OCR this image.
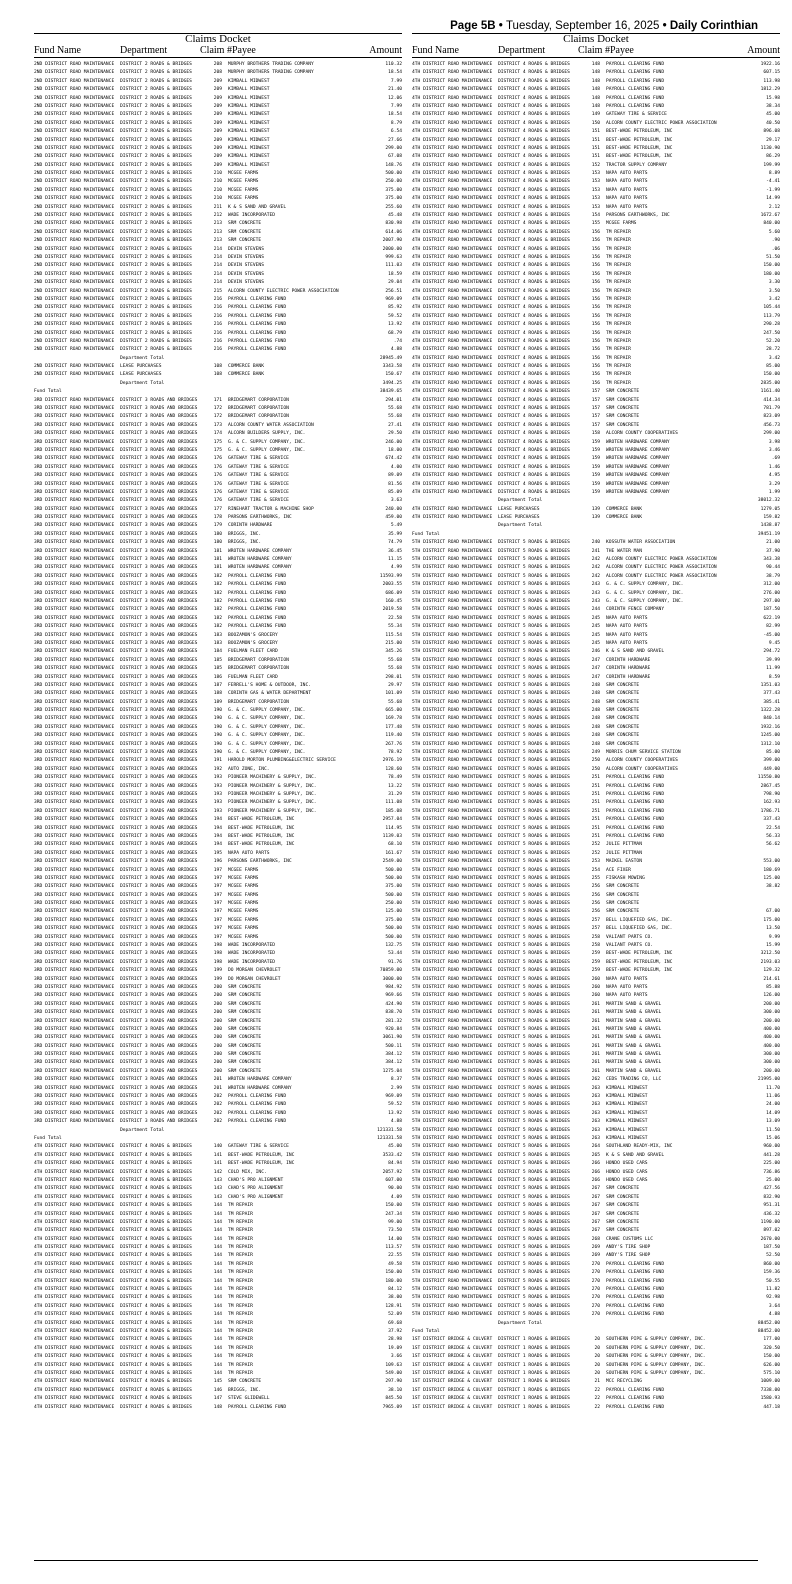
Page 5B • Tuesday, September 16, 2025 • Daily Corinthian
Claims Docket
Fund Name	Department	Claim #Payee	Amount
2ND DISTRICT ROAD MAINTENANCE	DISTRICT 2 ROADS & BRIDGES	208 MURPHY BROTHERS TRADING COMPANY	110.32
2ND DISTRICT ROAD MAINTENANCE	DISTRICT 2 ROADS & BRIDGES	208 MURPHY BROTHERS TRADING COMPANY	18.54
2ND DISTRICT ROAD MAINTENANCE	DISTRICT 2 ROADS & BRIDGES	209 KIMBALL MIDWEST	7.99
2ND DISTRICT ROAD MAINTENANCE	DISTRICT 2 ROADS & BRIDGES	209 KIMBALL MIDWEST	21.40
2ND DISTRICT ROAD MAINTENANCE	DISTRICT 2 ROADS & BRIDGES	209 KIMBALL MIDWEST	12.06
2ND DISTRICT ROAD MAINTENANCE	DISTRICT 2 ROADS & BRIDGES	209 KIMBALL MIDWEST	7.99
2ND DISTRICT ROAD MAINTENANCE	DISTRICT 2 ROADS & BRIDGES	209 KIMBALL MIDWEST	18.54
2ND DISTRICT ROAD MAINTENANCE	DISTRICT 2 ROADS & BRIDGES	209 KIMBALL MIDWEST	8.79
2ND DISTRICT ROAD MAINTENANCE	DISTRICT 2 ROADS & BRIDGES	209 KIMBALL MIDWEST	6.54
2ND DISTRICT ROAD MAINTENANCE	DISTRICT 2 ROADS & BRIDGES	209 KIMBALL MIDWEST	27.66
2ND DISTRICT ROAD MAINTENANCE	DISTRICT 2 ROADS & BRIDGES	209 KIMBALL MIDWEST	299.00
2ND DISTRICT ROAD MAINTENANCE	DISTRICT 2 ROADS & BRIDGES	209 KIMBALL MIDWEST	67.08
2ND DISTRICT ROAD MAINTENANCE	DISTRICT 2 ROADS & BRIDGES	209 KIMBALL MIDWEST	148.76
2ND DISTRICT ROAD MAINTENANCE	DISTRICT 2 ROADS & BRIDGES	210 MCGEE FARMS	500.00
2ND DISTRICT ROAD MAINTENANCE	DISTRICT 2 ROADS & BRIDGES	210 MCGEE FARMS	250.00
2ND DISTRICT ROAD MAINTENANCE	DISTRICT 2 ROADS & BRIDGES	210 MCGEE FARMS	375.00
2ND DISTRICT ROAD MAINTENANCE	DISTRICT 2 ROADS & BRIDGES	210 MCGEE FARMS	375.00
2ND DISTRICT ROAD MAINTENANCE	DISTRICT 2 ROADS & BRIDGES	211 K & S SAND AND GRAVEL	255.60
2ND DISTRICT ROAD MAINTENANCE	DISTRICT 2 ROADS & BRIDGES	212 WADE INCORPORATED	45.48
2ND DISTRICT ROAD MAINTENANCE	DISTRICT 2 ROADS & BRIDGES	213 SRM CONCRETE	830.98
2ND DISTRICT ROAD MAINTENANCE	DISTRICT 2 ROADS & BRIDGES	213 SRM CONCRETE	614.06
2ND DISTRICT ROAD MAINTENANCE	DISTRICT 2 ROADS & BRIDGES	213 SRM CONCRETE	2007.90
2ND DISTRICT ROAD MAINTENANCE	DISTRICT 2 ROADS & BRIDGES	214 DEVIN STEVENS	2000.00
2ND DISTRICT ROAD MAINTENANCE	DISTRICT 2 ROADS & BRIDGES	214 DEVIN STEVENS	999.63
2ND DISTRICT ROAD MAINTENANCE	DISTRICT 2 ROADS & BRIDGES	214 DEVIN STEVENS	111.03
2ND DISTRICT ROAD MAINTENANCE	DISTRICT 2 ROADS & BRIDGES	214 DEVIN STEVENS	18.59
2ND DISTRICT ROAD MAINTENANCE	DISTRICT 2 ROADS & BRIDGES	214 DEVIN STEVENS	29.04
2ND DISTRICT ROAD MAINTENANCE	DISTRICT 2 ROADS & BRIDGES	215 ALCORN COUNTY ELECTRIC POWER ASSOCIATION	256.51
2ND DISTRICT ROAD MAINTENANCE	DISTRICT 2 ROADS & BRIDGES	216 PAYROLL CLEARING FUND	969.09
2ND DISTRICT ROAD MAINTENANCE	DISTRICT 2 ROADS & BRIDGES	216 PAYROLL CLEARING FUND	85.92
2ND DISTRICT ROAD MAINTENANCE	DISTRICT 2 ROADS & BRIDGES	216 PAYROLL CLEARING FUND	59.52
2ND DISTRICT ROAD MAINTENANCE	DISTRICT 2 ROADS & BRIDGES	216 PAYROLL CLEARING FUND	13.92
2ND DISTRICT ROAD MAINTENANCE	DISTRICT 2 ROADS & BRIDGES	216 PAYROLL CLEARING FUND	68.79
2ND DISTRICT ROAD MAINTENANCE	DISTRICT 2 ROADS & BRIDGES	216 PAYROLL CLEARING FUND	.74
2ND DISTRICT ROAD MAINTENANCE	DISTRICT 2 ROADS & BRIDGES	216 PAYROLL CLEARING FUND	4.88
Department Total	28945.49
2ND DISTRICT ROAD MAINTENANCE	LEASE PURCHASES	108 COMMERCE BANK	3343.58
2ND DISTRICT ROAD MAINTENANCE	LEASE PURCHASES	108 COMMERCE BANK	150.67
Department Total	3494.25
Fund Total	38439.65
3RD DISTRICT ROAD MAINTENANCE	DISTRICT 3 ROADS AND BRIDGES	171 BRIDGEMART CORPORATION	294.01
3RD DISTRICT ROAD MAINTENANCE	DISTRICT 3 ROADS AND BRIDGES	172 BRIDGEMART CORPORATION	55.68
3RD DISTRICT ROAD MAINTENANCE	DISTRICT 3 ROADS AND BRIDGES	172 BRIDGEMART CORPORATION	55.68
3RD DISTRICT ROAD MAINTENANCE	DISTRICT 3 ROADS AND BRIDGES	173 ALCORN COUNTY WATER ASSOCIATION	27.41
3RD DISTRICT ROAD MAINTENANCE	DISTRICT 3 ROADS AND BRIDGES	174 ALCORN BUILDERS SUPPLY, INC.	29.50
3RD DISTRICT ROAD MAINTENANCE	DISTRICT 3 ROADS AND BRIDGES	175 G. & C. SUPPLY COMPANY, INC.	246.00
3RD DISTRICT ROAD MAINTENANCE	DISTRICT 3 ROADS AND BRIDGES	175 G. & C. SUPPLY COMPANY, INC.	18.00
3RD DISTRICT ROAD MAINTENANCE	DISTRICT 3 ROADS AND BRIDGES	176 GATEWAY TIRE & SERVICE	674.42
3RD DISTRICT ROAD MAINTENANCE	DISTRICT 3 ROADS AND BRIDGES	176 GATEWAY TIRE & SERVICE	4.00
3RD DISTRICT ROAD MAINTENANCE	DISTRICT 3 ROADS AND BRIDGES	176 GATEWAY TIRE & SERVICE	89.09
3RD DISTRICT ROAD MAINTENANCE	DISTRICT 3 ROADS AND BRIDGES	176 GATEWAY TIRE & SERVICE	81.56
3RD DISTRICT ROAD MAINTENANCE	DISTRICT 3 ROADS AND BRIDGES	176 GATEWAY TIRE & SERVICE	85.09
3RD DISTRICT ROAD MAINTENANCE	DISTRICT 3 ROADS AND BRIDGES	176 GATEWAY TIRE & SERVICE	3.63
3RD DISTRICT ROAD MAINTENANCE	DISTRICT 3 ROADS AND BRIDGES	177 RINEHART TRACTOR & MACHINE SHOP	240.00
3RD DISTRICT ROAD MAINTENANCE	DISTRICT 3 ROADS AND BRIDGES	178 PARSONS EARTHWORKS, INC	459.00
3RD DISTRICT ROAD MAINTENANCE	DISTRICT 3 ROADS AND BRIDGES	179 CORINTH HARDWARE	5.49
3RD DISTRICT ROAD MAINTENANCE	DISTRICT 3 ROADS AND BRIDGES	180 BRIGGS, INC.	35.99
3RD DISTRICT ROAD MAINTENANCE	DISTRICT 3 ROADS AND BRIDGES	180 BRIGGS, INC.	74.79
3RD DISTRICT ROAD MAINTENANCE	DISTRICT 3 ROADS AND BRIDGES	181 WROTEN HARDWARE COMPANY	36.45
3RD DISTRICT ROAD MAINTENANCE	DISTRICT 3 ROADS AND BRIDGES	181 WROTEN HARDWARE COMPANY	11.15
3RD DISTRICT ROAD MAINTENANCE	DISTRICT 3 ROADS AND BRIDGES	181 WROTEN HARDWARE COMPANY	4.99
3RD DISTRICT ROAD MAINTENANCE	DISTRICT 3 ROADS AND BRIDGES	182 PAYROLL CLEARING FUND	11593.99
3RD DISTRICT ROAD MAINTENANCE	DISTRICT 3 ROADS AND BRIDGES	182 PAYROLL CLEARING FUND	2003.55
3RD DISTRICT ROAD MAINTENANCE	DISTRICT 3 ROADS AND BRIDGES	182 PAYROLL CLEARING FUND	686.09
3RD DISTRICT ROAD MAINTENANCE	DISTRICT 3 ROADS AND BRIDGES	182 PAYROLL CLEARING FUND	160.45
3RD DISTRICT ROAD MAINTENANCE	DISTRICT 3 ROADS AND BRIDGES	182 PAYROLL CLEARING FUND	2019.58
3RD DISTRICT ROAD MAINTENANCE	DISTRICT 3 ROADS AND BRIDGES	182 PAYROLL CLEARING FUND	22.58
3RD DISTRICT ROAD MAINTENANCE	DISTRICT 3 ROADS AND BRIDGES	182 PAYROLL CLEARING FUND	55.34
3RD DISTRICT ROAD MAINTENANCE	DISTRICT 3 ROADS AND BRIDGES	183 BOOZAMON'S GROCERY	115.54
3RD DISTRICT ROAD MAINTENANCE	DISTRICT 3 ROADS AND BRIDGES	183 BOOZAMON'S GROCERY	215.00
3RD DISTRICT ROAD MAINTENANCE	DISTRICT 3 ROADS AND BRIDGES	184 FUELMAN FLEET CARD	345.26
3RD DISTRICT ROAD MAINTENANCE	DISTRICT 3 ROADS AND BRIDGES	185 BRIDGEMART CORPORATION	55.68
3RD DISTRICT ROAD MAINTENANCE	DISTRICT 3 ROADS AND BRIDGES	185 BRIDGEMART CORPORATION	55.68
3RD DISTRICT ROAD MAINTENANCE	DISTRICT 3 ROADS AND BRIDGES	186 FUELMAN FLEET CARD	298.01
3RD DISTRICT ROAD MAINTENANCE	DISTRICT 3 ROADS AND BRIDGES	187 FERRELL'S HOME & OUTDOOR, INC.	29.97
3RD DISTRICT ROAD MAINTENANCE	DISTRICT 3 ROADS AND BRIDGES	188 CORINTH GAS & WATER DEPARTMENT	101.09
3RD DISTRICT ROAD MAINTENANCE	DISTRICT 3 ROADS AND BRIDGES	189 BRIDGEMART CORPORATION	55.68
3RD DISTRICT ROAD MAINTENANCE	DISTRICT 3 ROADS AND BRIDGES	190 G. & C. SUPPLY COMPANY, INC.	665.00
3RD DISTRICT ROAD MAINTENANCE	DISTRICT 3 ROADS AND BRIDGES	190 G. & C. SUPPLY COMPANY, INC.	169.78
3RD DISTRICT ROAD MAINTENANCE	DISTRICT 3 ROADS AND BRIDGES	190 G. & C. SUPPLY COMPANY, INC.	177.48
3RD DISTRICT ROAD MAINTENANCE	DISTRICT 3 ROADS AND BRIDGES	190 G. & C. SUPPLY COMPANY, INC.	119.40
3RD DISTRICT ROAD MAINTENANCE	DISTRICT 3 ROADS AND BRIDGES	190 G. & C. SUPPLY COMPANY, INC.	267.76
3RD DISTRICT ROAD MAINTENANCE	DISTRICT 3 ROADS AND BRIDGES	190 G. & C. SUPPLY COMPANY, INC.	78.92
3RD DISTRICT ROAD MAINTENANCE	DISTRICT 3 ROADS AND BRIDGES	191 HAROLD MORTON PLUMBING&ELECTRIC SERVICE	2976.19
3RD DISTRICT ROAD MAINTENANCE	DISTRICT 3 ROADS AND BRIDGES	192 AUTO ZONE, INC.	128.60
3RD DISTRICT ROAD MAINTENANCE	DISTRICT 3 ROADS AND BRIDGES	193 PIONEER MACHINERY & SUPPLY, INC.	78.49
3RD DISTRICT ROAD MAINTENANCE	DISTRICT 3 ROADS AND BRIDGES	193 PIONEER MACHINERY & SUPPLY, INC.	13.22
3RD DISTRICT ROAD MAINTENANCE	DISTRICT 3 ROADS AND BRIDGES	193 PIONEER MACHINERY & SUPPLY, INC.	31.29
3RD DISTRICT ROAD MAINTENANCE	DISTRICT 3 ROADS AND BRIDGES	193 PIONEER MACHINERY & SUPPLY, INC.	111.08
3RD DISTRICT ROAD MAINTENANCE	DISTRICT 3 ROADS AND BRIDGES	193 PIONEER MACHINERY & SUPPLY, INC.	185.08
3RD DISTRICT ROAD MAINTENANCE	DISTRICT 3 ROADS AND BRIDGES	194 BEST-WADE PETROLEUM, INC	2957.04
3RD DISTRICT ROAD MAINTENANCE	DISTRICT 3 ROADS AND BRIDGES	194 BEST-WADE PETROLEUM, INC	114.95
3RD DISTRICT ROAD MAINTENANCE	DISTRICT 3 ROADS AND BRIDGES	194 BEST-WADE PETROLEUM, INC	1139.03
3RD DISTRICT ROAD MAINTENANCE	DISTRICT 3 ROADS AND BRIDGES	194 BEST-WADE PETROLEUM, INC	68.10
3RD DISTRICT ROAD MAINTENANCE	DISTRICT 3 ROADS AND BRIDGES	195 NAPA AUTO PARTS	161.67
3RD DISTRICT ROAD MAINTENANCE	DISTRICT 3 ROADS AND BRIDGES	196 PARSONS EARTHWORKS, INC	2549.00
3RD DISTRICT ROAD MAINTENANCE	DISTRICT 3 ROADS AND BRIDGES	197 MCGEE FARMS	500.00
3RD DISTRICT ROAD MAINTENANCE	DISTRICT 3 ROADS AND BRIDGES	197 MCGEE FARMS	500.00
3RD DISTRICT ROAD MAINTENANCE	DISTRICT 3 ROADS AND BRIDGES	197 MCGEE FARMS	375.00
3RD DISTRICT ROAD MAINTENANCE	DISTRICT 3 ROADS AND BRIDGES	197 MCGEE FARMS	500.00
3RD DISTRICT ROAD MAINTENANCE	DISTRICT 3 ROADS AND BRIDGES	197 MCGEE FARMS	250.00
3RD DISTRICT ROAD MAINTENANCE	DISTRICT 3 ROADS AND BRIDGES	197 MCGEE FARMS	125.00
3RD DISTRICT ROAD MAINTENANCE	DISTRICT 3 ROADS AND BRIDGES	197 MCGEE FARMS	375.00
3RD DISTRICT ROAD MAINTENANCE	DISTRICT 3 ROADS AND BRIDGES	197 MCGEE FARMS	500.00
3RD DISTRICT ROAD MAINTENANCE	DISTRICT 3 ROADS AND BRIDGES	197 MCGEE FARMS	500.00
3RD DISTRICT ROAD MAINTENANCE	DISTRICT 3 ROADS AND BRIDGES	198 WADE INCORPORATED	132.75
3RD DISTRICT ROAD MAINTENANCE	DISTRICT 3 ROADS AND BRIDGES	198 WADE INCORPORATED	53.44
3RD DISTRICT ROAD MAINTENANCE	DISTRICT 3 ROADS AND BRIDGES	198 WADE INCORPORATED	91.76
3RD DISTRICT ROAD MAINTENANCE	DISTRICT 3 ROADS AND BRIDGES	199 DO MORGAN CHEVROLET	70859.00
3RD DISTRICT ROAD MAINTENANCE	DISTRICT 3 ROADS AND BRIDGES	199 DO MORGAN CHEVROLET	3000.00
3RD DISTRICT ROAD MAINTENANCE	DISTRICT 3 ROADS AND BRIDGES	200 SRM CONCRETE	984.92
3RD DISTRICT ROAD MAINTENANCE	DISTRICT 3 ROADS AND BRIDGES	200 SRM CONCRETE	969.66
3RD DISTRICT ROAD MAINTENANCE	DISTRICT 3 ROADS AND BRIDGES	200 SRM CONCRETE	424.90
3RD DISTRICT ROAD MAINTENANCE	DISTRICT 3 ROADS AND BRIDGES	200 SRM CONCRETE	838.70
3RD DISTRICT ROAD MAINTENANCE	DISTRICT 3 ROADS AND BRIDGES	200 SRM CONCRETE	281.32
3RD DISTRICT ROAD MAINTENANCE	DISTRICT 3 ROADS AND BRIDGES	200 SRM CONCRETE	920.84
3RD DISTRICT ROAD MAINTENANCE	DISTRICT 3 ROADS AND BRIDGES	200 SRM CONCRETE	3061.90
3RD DISTRICT ROAD MAINTENANCE	DISTRICT 3 ROADS AND BRIDGES	200 SRM CONCRETE	500.11
3RD DISTRICT ROAD MAINTENANCE	DISTRICT 3 ROADS AND BRIDGES	200 SRM CONCRETE	384.12
3RD DISTRICT ROAD MAINTENANCE	DISTRICT 3 ROADS AND BRIDGES	200 SRM CONCRETE	384.12
3RD DISTRICT ROAD MAINTENANCE	DISTRICT 3 ROADS AND BRIDGES	200 SRM CONCRETE	1275.04
3RD DISTRICT ROAD MAINTENANCE	DISTRICT 3 ROADS AND BRIDGES	201 WROTEN HARDWARE COMPANY	8.37
3RD DISTRICT ROAD MAINTENANCE	DISTRICT 3 ROADS AND BRIDGES	201 WROTEN HARDWARE COMPANY	2.99
3RD DISTRICT ROAD MAINTENANCE	DISTRICT 3 ROADS AND BRIDGES	202 PAYROLL CLEARING FUND	969.09
3RD DISTRICT ROAD MAINTENANCE	DISTRICT 3 ROADS AND BRIDGES	202 PAYROLL CLEARING FUND	59.52
3RD DISTRICT ROAD MAINTENANCE	DISTRICT 3 ROADS AND BRIDGES	202 PAYROLL CLEARING FUND	13.92
3RD DISTRICT ROAD MAINTENANCE	DISTRICT 3 ROADS AND BRIDGES	202 PAYROLL CLEARING FUND	4.88
Department Total	121331.58
Fund Total	121331.58
4TH DISTRICT ROAD MAINTENANCE	DISTRICT 4 ROADS & BRIDGES	140 GATEWAY TIRE & SERVICE	45.00
4TH DISTRICT ROAD MAINTENANCE	DISTRICT 4 ROADS & BRIDGES	141 BEST-WADE PETROLEUM, INC	3533.42
4TH DISTRICT ROAD MAINTENANCE	DISTRICT 4 ROADS & BRIDGES	141 BEST-WADE PETROLEUM, INC	84.94
4TH DISTRICT ROAD MAINTENANCE	DISTRICT 4 ROADS & BRIDGES	142 COLD MIX, INC.	2057.92
4TH DISTRICT ROAD MAINTENANCE	DISTRICT 4 ROADS & BRIDGES	143 CHAD'S PRO ALIGNMENT	607.00
4TH DISTRICT ROAD MAINTENANCE	DISTRICT 4 ROADS & BRIDGES	143 CHAD'S PRO ALIGNMENT	90.00
4TH DISTRICT ROAD MAINTENANCE	DISTRICT 4 ROADS & BRIDGES	143 CHAD'S PRO ALIGNMENT	4.09
4TH DISTRICT ROAD MAINTENANCE	DISTRICT 4 ROADS & BRIDGES	144 TM REPAIR	150.00
4TH DISTRICT ROAD MAINTENANCE	DISTRICT 4 ROADS & BRIDGES	144 TM REPAIR	247.34
4TH DISTRICT ROAD MAINTENANCE	DISTRICT 4 ROADS & BRIDGES	144 TM REPAIR	99.00
4TH DISTRICT ROAD MAINTENANCE	DISTRICT 4 ROADS & BRIDGES	144 TM REPAIR	73.50
4TH DISTRICT ROAD MAINTENANCE	DISTRICT 4 ROADS & BRIDGES	144 TM REPAIR	14.00
4TH DISTRICT ROAD MAINTENANCE	DISTRICT 4 ROADS & BRIDGES	144 TM REPAIR	113.57
4TH DISTRICT ROAD MAINTENANCE	DISTRICT 4 ROADS & BRIDGES	144 TM REPAIR	22.55
4TH DISTRICT ROAD MAINTENANCE	DISTRICT 4 ROADS & BRIDGES	144 TM REPAIR	49.58
4TH DISTRICT ROAD MAINTENANCE	DISTRICT 4 ROADS & BRIDGES	144 TM REPAIR	150.00
4TH DISTRICT ROAD MAINTENANCE	DISTRICT 4 ROADS & BRIDGES	144 TM REPAIR	180.00
4TH DISTRICT ROAD MAINTENANCE	DISTRICT 4 ROADS & BRIDGES	144 TM REPAIR	84.12
4TH DISTRICT ROAD MAINTENANCE	DISTRICT 4 ROADS & BRIDGES	144 TM REPAIR	38.00
4TH DISTRICT ROAD MAINTENANCE	DISTRICT 4 ROADS & BRIDGES	144 TM REPAIR	128.91
4TH DISTRICT ROAD MAINTENANCE	DISTRICT 4 ROADS & BRIDGES	144 TM REPAIR	52.09
4TH DISTRICT ROAD MAINTENANCE	DISTRICT 4 ROADS & BRIDGES	144 TM REPAIR	69.68
4TH DISTRICT ROAD MAINTENANCE	DISTRICT 4 ROADS & BRIDGES	144 TM REPAIR	37.92
4TH DISTRICT ROAD MAINTENANCE	DISTRICT 4 ROADS & BRIDGES	144 TM REPAIR	28.98
4TH DISTRICT ROAD MAINTENANCE	DISTRICT 4 ROADS & BRIDGES	144 TM REPAIR	19.09
4TH DISTRICT ROAD MAINTENANCE	DISTRICT 4 ROADS & BRIDGES	144 TM REPAIR	3.66
4TH DISTRICT ROAD MAINTENANCE	DISTRICT 4 ROADS & BRIDGES	144 TM REPAIR	109.63
4TH DISTRICT ROAD MAINTENANCE	DISTRICT 4 ROADS & BRIDGES	144 TM REPAIR	549.00
4TH DISTRICT ROAD MAINTENANCE	DISTRICT 4 ROADS & BRIDGES	145 SRM CONCRETE	297.90
4TH DISTRICT ROAD MAINTENANCE	DISTRICT 4 ROADS & BRIDGES	146 BRIGGS, INC.	38.10
4TH DISTRICT ROAD MAINTENANCE	DISTRICT 4 ROADS & BRIDGES	147 STEVE GLIDEWELL	845.50
4TH DISTRICT ROAD MAINTENANCE	DISTRICT 4 ROADS & BRIDGES	148 PAYROLL CLEARING FUND	7965.09
Claims Docket
Fund Name	Department	Claim #Payee	Amount
4TH DISTRICT ROAD MAINTENANCE	DISTRICT 4 ROADS & BRIDGES	148 PAYROLL CLEARING FUND	1922.16
4TH DISTRICT ROAD MAINTENANCE	DISTRICT 4 ROADS & BRIDGES	148 PAYROLL CLEARING FUND	607.15
4TH DISTRICT ROAD MAINTENANCE	DISTRICT 4 ROADS & BRIDGES	148 PAYROLL CLEARING FUND	113.98
4TH DISTRICT ROAD MAINTENANCE	DISTRICT 4 ROADS & BRIDGES	148 PAYROLL CLEARING FUND	1812.29
4TH DISTRICT ROAD MAINTENANCE	DISTRICT 4 ROADS & BRIDGES	148 PAYROLL CLEARING FUND	15.98
4TH DISTRICT ROAD MAINTENANCE	DISTRICT 4 ROADS & BRIDGES	148 PAYROLL CLEARING FUND	38.34
4TH DISTRICT ROAD MAINTENANCE	DISTRICT 4 ROADS & BRIDGES	149 GATEWAY TIRE & SERVICE	45.00
4TH DISTRICT ROAD MAINTENANCE	DISTRICT 4 ROADS & BRIDGES	150 ALCORN COUNTY ELECTRIC POWER ASSOCIATION	40.50
4TH DISTRICT ROAD MAINTENANCE	DISTRICT 4 ROADS & BRIDGES	151 BEST-WADE PETROLEUM, INC	896.08
4TH DISTRICT ROAD MAINTENANCE	DISTRICT 4 ROADS & BRIDGES	151 BEST-WADE PETROLEUM, INC	29.17
4TH DISTRICT ROAD MAINTENANCE	DISTRICT 4 ROADS & BRIDGES	151 BEST-WADE PETROLEUM, INC	1130.90
4TH DISTRICT ROAD MAINTENANCE	DISTRICT 4 ROADS & BRIDGES	151 BEST-WADE PETROLEUM, INC	86.29
4TH DISTRICT ROAD MAINTENANCE	DISTRICT 4 ROADS & BRIDGES	152 TRACTOR SUPPLY COMPANY	199.99
4TH DISTRICT ROAD MAINTENANCE	DISTRICT 4 ROADS & BRIDGES	153 NAPA AUTO PARTS	8.89
4TH DISTRICT ROAD MAINTENANCE	DISTRICT 4 ROADS & BRIDGES	153 NAPA AUTO PARTS	-4.41
4TH DISTRICT ROAD MAINTENANCE	DISTRICT 4 ROADS & BRIDGES	153 NAPA AUTO PARTS	-1.99
4TH DISTRICT ROAD MAINTENANCE	DISTRICT 4 ROADS & BRIDGES	153 NAPA AUTO PARTS	14.99
4TH DISTRICT ROAD MAINTENANCE	DISTRICT 4 ROADS & BRIDGES	153 NAPA AUTO PARTS	2.12
4TH DISTRICT ROAD MAINTENANCE	DISTRICT 4 ROADS & BRIDGES	154 PARSONS EARTHWORKS, INC	1672.67
4TH DISTRICT ROAD MAINTENANCE	DISTRICT 4 ROADS & BRIDGES	155 MCGEE FARMS	840.00
4TH DISTRICT ROAD MAINTENANCE	DISTRICT 4 ROADS & BRIDGES	156 TM REPAIR	5.60
4TH DISTRICT ROAD MAINTENANCE	DISTRICT 4 ROADS & BRIDGES	156 TM REPAIR	.90
4TH DISTRICT ROAD MAINTENANCE	DISTRICT 4 ROADS & BRIDGES	156 TM REPAIR	.06
4TH DISTRICT ROAD MAINTENANCE	DISTRICT 4 ROADS & BRIDGES	156 TM REPAIR	51.50
4TH DISTRICT ROAD MAINTENANCE	DISTRICT 4 ROADS & BRIDGES	156 TM REPAIR	150.00
4TH DISTRICT ROAD MAINTENANCE	DISTRICT 4 ROADS & BRIDGES	156 TM REPAIR	180.00
4TH DISTRICT ROAD MAINTENANCE	DISTRICT 4 ROADS & BRIDGES	156 TM REPAIR	3.30
4TH DISTRICT ROAD MAINTENANCE	DISTRICT 4 ROADS & BRIDGES	156 TM REPAIR	3.50
4TH DISTRICT ROAD MAINTENANCE	DISTRICT 4 ROADS & BRIDGES	156 TM REPAIR	3.42
4TH DISTRICT ROAD MAINTENANCE	DISTRICT 4 ROADS & BRIDGES	156 TM REPAIR	105.44
4TH DISTRICT ROAD MAINTENANCE	DISTRICT 4 ROADS & BRIDGES	156 TM REPAIR	113.79
4TH DISTRICT ROAD MAINTENANCE	DISTRICT 4 ROADS & BRIDGES	156 TM REPAIR	290.28
4TH DISTRICT ROAD MAINTENANCE	DISTRICT 4 ROADS & BRIDGES	156 TM REPAIR	247.50
4TH DISTRICT ROAD MAINTENANCE	DISTRICT 4 ROADS & BRIDGES	156 TM REPAIR	52.20
4TH DISTRICT ROAD MAINTENANCE	DISTRICT 4 ROADS & BRIDGES	156 TM REPAIR	28.72
4TH DISTRICT ROAD MAINTENANCE	DISTRICT 4 ROADS & BRIDGES	156 TM REPAIR	3.42
4TH DISTRICT ROAD MAINTENANCE	DISTRICT 4 ROADS & BRIDGES	156 TM REPAIR	85.00
4TH DISTRICT ROAD MAINTENANCE	DISTRICT 4 ROADS & BRIDGES	156 TM REPAIR	150.00
4TH DISTRICT ROAD MAINTENANCE	DISTRICT 4 ROADS & BRIDGES	156 TM REPAIR	2835.00
4TH DISTRICT ROAD MAINTENANCE	DISTRICT 4 ROADS & BRIDGES	157 SRM CONCRETE	1161.40
4TH DISTRICT ROAD MAINTENANCE	DISTRICT 4 ROADS & BRIDGES	157 SRM CONCRETE	414.34
4TH DISTRICT ROAD MAINTENANCE	DISTRICT 4 ROADS & BRIDGES	157 SRM CONCRETE	781.79
4TH DISTRICT ROAD MAINTENANCE	DISTRICT 4 ROADS & BRIDGES	157 SRM CONCRETE	823.09
4TH DISTRICT ROAD MAINTENANCE	DISTRICT 4 ROADS & BRIDGES	157 SRM CONCRETE	456.73
4TH DISTRICT ROAD MAINTENANCE	DISTRICT 4 ROADS & BRIDGES	158 ALCORN COUNTY COOPERATIVES	299.00
4TH DISTRICT ROAD MAINTENANCE	DISTRICT 4 ROADS & BRIDGES	159 WROTEN HARDWARE COMPANY	3.98
4TH DISTRICT ROAD MAINTENANCE	DISTRICT 4 ROADS & BRIDGES	159 WROTEN HARDWARE COMPANY	3.46
4TH DISTRICT ROAD MAINTENANCE	DISTRICT 4 ROADS & BRIDGES	159 WROTEN HARDWARE COMPANY	.69
4TH DISTRICT ROAD MAINTENANCE	DISTRICT 4 ROADS & BRIDGES	159 WROTEN HARDWARE COMPANY	1.46
4TH DISTRICT ROAD MAINTENANCE	DISTRICT 4 ROADS & BRIDGES	159 WROTEN HARDWARE COMPANY	4.95
4TH DISTRICT ROAD MAINTENANCE	DISTRICT 4 ROADS & BRIDGES	159 WROTEN HARDWARE COMPANY	3.29
4TH DISTRICT ROAD MAINTENANCE	DISTRICT 4 ROADS & BRIDGES	159 WROTEN HARDWARE COMPANY	1.99
Department Total	38012.32
4TH DISTRICT ROAD MAINTENANCE	LEASE PURCHASES	139 COMMERCE BANK	1279.05
4TH DISTRICT ROAD MAINTENANCE	LEASE PURCHASES	139 COMMERCE BANK	159.82
Department Total	1438.87
Fund Total	39451.19
5TH DISTRICT ROAD MAINTENANCE	DISTRICT 5 ROADS & BRIDGES	240 KOSSUTH WATER ASSOCIATION	21.00
5TH DISTRICT ROAD MAINTENANCE	DISTRICT 5 ROADS & BRIDGES	241 THE WATER MAN	37.90
5TH DISTRICT ROAD MAINTENANCE	DISTRICT 5 ROADS & BRIDGES	242 ALCORN COUNTY ELECTRIC POWER ASSOCIATION	343.38
5TH DISTRICT ROAD MAINTENANCE	DISTRICT 5 ROADS & BRIDGES	242 ALCORN COUNTY ELECTRIC POWER ASSOCIATION	90.44
5TH DISTRICT ROAD MAINTENANCE	DISTRICT 5 ROADS & BRIDGES	242 ALCORN COUNTY ELECTRIC POWER ASSOCIATION	38.79
5TH DISTRICT ROAD MAINTENANCE	DISTRICT 5 ROADS & BRIDGES	243 G. & C. SUPPLY COMPANY, INC.	312.00
5TH DISTRICT ROAD MAINTENANCE	DISTRICT 5 ROADS & BRIDGES	243 G. & C. SUPPLY COMPANY, INC.	276.00
5TH DISTRICT ROAD MAINTENANCE	DISTRICT 5 ROADS & BRIDGES	243 G. & C. SUPPLY COMPANY, INC.	297.00
5TH DISTRICT ROAD MAINTENANCE	DISTRICT 5 ROADS & BRIDGES	244 CORINTH FENCE COMPANY	187.50
5TH DISTRICT ROAD MAINTENANCE	DISTRICT 5 ROADS & BRIDGES	245 NAPA AUTO PARTS	622.19
5TH DISTRICT ROAD MAINTENANCE	DISTRICT 5 ROADS & BRIDGES	245 NAPA AUTO PARTS	82.99
5TH DISTRICT ROAD MAINTENANCE	DISTRICT 5 ROADS & BRIDGES	245 NAPA AUTO PARTS	-45.00
5TH DISTRICT ROAD MAINTENANCE	DISTRICT 5 ROADS & BRIDGES	245 NAPA AUTO PARTS	9.45
5TH DISTRICT ROAD MAINTENANCE	DISTRICT 5 ROADS & BRIDGES	246 K & S SAND AND GRAVEL	294.72
5TH DISTRICT ROAD MAINTENANCE	DISTRICT 5 ROADS & BRIDGES	247 CORINTH HARDWARE	39.99
5TH DISTRICT ROAD MAINTENANCE	DISTRICT 5 ROADS & BRIDGES	247 CORINTH HARDWARE	11.99
5TH DISTRICT ROAD MAINTENANCE	DISTRICT 5 ROADS & BRIDGES	247 CORINTH HARDWARE	8.59
5TH DISTRICT ROAD MAINTENANCE	DISTRICT 5 ROADS & BRIDGES	248 SRM CONCRETE	1351.03
5TH DISTRICT ROAD MAINTENANCE	DISTRICT 5 ROADS & BRIDGES	248 SRM CONCRETE	377.43
5TH DISTRICT ROAD MAINTENANCE	DISTRICT 5 ROADS & BRIDGES	248 SRM CONCRETE	385.41
5TH DISTRICT ROAD MAINTENANCE	DISTRICT 5 ROADS & BRIDGES	248 SRM CONCRETE	1322.28
5TH DISTRICT ROAD MAINTENANCE	DISTRICT 5 ROADS & BRIDGES	248 SRM CONCRETE	840.14
5TH DISTRICT ROAD MAINTENANCE	DISTRICT 5 ROADS & BRIDGES	248 SRM CONCRETE	1932.16
5TH DISTRICT ROAD MAINTENANCE	DISTRICT 5 ROADS & BRIDGES	248 SRM CONCRETE	1245.00
5TH DISTRICT ROAD MAINTENANCE	DISTRICT 5 ROADS & BRIDGES	248 SRM CONCRETE	1312.10
5TH DISTRICT ROAD MAINTENANCE	DISTRICT 5 ROADS & BRIDGES	249 MORRIS CHUM SERVICE STATION	85.00
5TH DISTRICT ROAD MAINTENANCE	DISTRICT 5 ROADS & BRIDGES	250 ALCORN COUNTY COOPERATIVES	399.00
5TH DISTRICT ROAD MAINTENANCE	DISTRICT 5 ROADS & BRIDGES	250 ALCORN COUNTY COOPERATIVES	449.00
5TH DISTRICT ROAD MAINTENANCE	DISTRICT 5 ROADS & BRIDGES	251 PAYROLL CLEARING FUND	11550.80
5TH DISTRICT ROAD MAINTENANCE	DISTRICT 5 ROADS & BRIDGES	251 PAYROLL CLEARING FUND	2867.45
5TH DISTRICT ROAD MAINTENANCE	DISTRICT 5 ROADS & BRIDGES	251 PAYROLL CLEARING FUND	798.90
5TH DISTRICT ROAD MAINTENANCE	DISTRICT 5 ROADS & BRIDGES	251 PAYROLL CLEARING FUND	162.93
5TH DISTRICT ROAD MAINTENANCE	DISTRICT 5 ROADS & BRIDGES	251 PAYROLL CLEARING FUND	1786.71
5TH DISTRICT ROAD MAINTENANCE	DISTRICT 5 ROADS & BRIDGES	251 PAYROLL CLEARING FUND	337.43
5TH DISTRICT ROAD MAINTENANCE	DISTRICT 5 ROADS & BRIDGES	251 PAYROLL CLEARING FUND	22.54
5TH DISTRICT ROAD MAINTENANCE	DISTRICT 5 ROADS & BRIDGES	251 PAYROLL CLEARING FUND	56.33
5TH DISTRICT ROAD MAINTENANCE	DISTRICT 5 ROADS & BRIDGES	252 JULIE PITTMAN	56.62
5TH DISTRICT ROAD MAINTENANCE	DISTRICT 5 ROADS & BRIDGES	252 JULIE PITTMAN
5TH DISTRICT ROAD MAINTENANCE	DISTRICT 5 ROADS & BRIDGES	253 MAIKEL EASTON	553.00
5TH DISTRICT ROAD MAINTENANCE	DISTRICT 5 ROADS & BRIDGES	254 ACE FIXER	180.69
5TH DISTRICT ROAD MAINTENANCE	DISTRICT 5 ROADS & BRIDGES	255 FISKASH MOWING	125.00
5TH DISTRICT ROAD MAINTENANCE	DISTRICT 5 ROADS & BRIDGES	256 SRM CONCRETE	38.82
5TH DISTRICT ROAD MAINTENANCE	DISTRICT 5 ROADS & BRIDGES	256 SRM CONCRETE
5TH DISTRICT ROAD MAINTENANCE	DISTRICT 5 ROADS & BRIDGES	256 SRM CONCRETE
5TH DISTRICT ROAD MAINTENANCE	DISTRICT 5 ROADS & BRIDGES	256 SRM CONCRETE	67.00
5TH DISTRICT ROAD MAINTENANCE	DISTRICT 5 ROADS & BRIDGES	257 BELL LIQUEFIED GAS, INC.	175.00
5TH DISTRICT ROAD MAINTENANCE	DISTRICT 5 ROADS & BRIDGES	257 BELL LIQUEFIED GAS, INC.	13.50
5TH DISTRICT ROAD MAINTENANCE	DISTRICT 5 ROADS & BRIDGES	258 VALIANT PARTS CO.	9.99
5TH DISTRICT ROAD MAINTENANCE	DISTRICT 5 ROADS & BRIDGES	258 VALIANT PARTS CO.	15.99
5TH DISTRICT ROAD MAINTENANCE	DISTRICT 5 ROADS & BRIDGES	259 BEST-WADE PETROLEUM, INC	3212.50
5TH DISTRICT ROAD MAINTENANCE	DISTRICT 5 ROADS & BRIDGES	259 BEST-WADE PETROLEUM, INC	2193.03
5TH DISTRICT ROAD MAINTENANCE	DISTRICT 5 ROADS & BRIDGES	259 BEST-WADE PETROLEUM, INC	129.32
5TH DISTRICT ROAD MAINTENANCE	DISTRICT 5 ROADS & BRIDGES	260 NAPA AUTO PARTS	214.61
5TH DISTRICT ROAD MAINTENANCE	DISTRICT 5 ROADS & BRIDGES	260 NAPA AUTO PARTS	85.88
5TH DISTRICT ROAD MAINTENANCE	DISTRICT 5 ROADS & BRIDGES	260 NAPA AUTO PARTS	126.00
5TH DISTRICT ROAD MAINTENANCE	DISTRICT 5 ROADS & BRIDGES	261 MARTIN SAND & GRAVEL	200.00
5TH DISTRICT ROAD MAINTENANCE	DISTRICT 5 ROADS & BRIDGES	261 MARTIN SAND & GRAVEL	300.00
5TH DISTRICT ROAD MAINTENANCE	DISTRICT 5 ROADS & BRIDGES	261 MARTIN SAND & GRAVEL	200.00
5TH DISTRICT ROAD MAINTENANCE	DISTRICT 5 ROADS & BRIDGES	261 MARTIN SAND & GRAVEL	400.00
5TH DISTRICT ROAD MAINTENANCE	DISTRICT 5 ROADS & BRIDGES	261 MARTIN SAND & GRAVEL	400.00
5TH DISTRICT ROAD MAINTENANCE	DISTRICT 5 ROADS & BRIDGES	261 MARTIN SAND & GRAVEL	400.00
5TH DISTRICT ROAD MAINTENANCE	DISTRICT 5 ROADS & BRIDGES	261 MARTIN SAND & GRAVEL	300.00
5TH DISTRICT ROAD MAINTENANCE	DISTRICT 5 ROADS & BRIDGES	261 MARTIN SAND & GRAVEL	300.00
5TH DISTRICT ROAD MAINTENANCE	DISTRICT 5 ROADS & BRIDGES	261 MARTIN SAND & GRAVEL	200.00
5TH DISTRICT ROAD MAINTENANCE	DISTRICT 5 ROADS & BRIDGES	262 CEDS TRADING CO, LLC	21995.00
5TH DISTRICT ROAD MAINTENANCE	DISTRICT 5 ROADS & BRIDGES	263 KIMBALL MIDWEST	11.70
5TH DISTRICT ROAD MAINTENANCE	DISTRICT 5 ROADS & BRIDGES	263 KIMBALL MIDWEST	11.06
5TH DISTRICT ROAD MAINTENANCE	DISTRICT 5 ROADS & BRIDGES	263 KIMBALL MIDWEST	24.00
5TH DISTRICT ROAD MAINTENANCE	DISTRICT 5 ROADS & BRIDGES	263 KIMBALL MIDWEST	14.09
5TH DISTRICT ROAD MAINTENANCE	DISTRICT 5 ROADS & BRIDGES	263 KIMBALL MIDWEST	13.09
5TH DISTRICT ROAD MAINTENANCE	DISTRICT 5 ROADS & BRIDGES	263 KIMBALL MIDWEST	11.50
5TH DISTRICT ROAD MAINTENANCE	DISTRICT 5 ROADS & BRIDGES	263 KIMBALL MIDWEST	15.06
5TH DISTRICT ROAD MAINTENANCE	DISTRICT 5 ROADS & BRIDGES	264 SOUTHLAND READY-MIX, INC	960.00
5TH DISTRICT ROAD MAINTENANCE	DISTRICT 5 ROADS & BRIDGES	265 K & S SAND AND GRAVEL	441.28
5TH DISTRICT ROAD MAINTENANCE	DISTRICT 5 ROADS & BRIDGES	266 HONDO USED CARS	225.00
5TH DISTRICT ROAD MAINTENANCE	DISTRICT 5 ROADS & BRIDGES	266 HONDO USED CARS	736.86
5TH DISTRICT ROAD MAINTENANCE	DISTRICT 5 ROADS & BRIDGES	266 HONDO USED CARS	25.00
5TH DISTRICT ROAD MAINTENANCE	DISTRICT 5 ROADS & BRIDGES	267 SRM CONCRETE	427.56
5TH DISTRICT ROAD MAINTENANCE	DISTRICT 5 ROADS & BRIDGES	267 SRM CONCRETE	832.90
5TH DISTRICT ROAD MAINTENANCE	DISTRICT 5 ROADS & BRIDGES	267 SRM CONCRETE	951.31
5TH DISTRICT ROAD MAINTENANCE	DISTRICT 5 ROADS & BRIDGES	267 SRM CONCRETE	436.32
5TH DISTRICT ROAD MAINTENANCE	DISTRICT 5 ROADS & BRIDGES	267 SRM CONCRETE	1190.00
5TH DISTRICT ROAD MAINTENANCE	DISTRICT 5 ROADS & BRIDGES	267 SRM CONCRETE	897.02
5TH DISTRICT ROAD MAINTENANCE	DISTRICT 5 ROADS & BRIDGES	268 CRANE CUSTOMS LLC	2670.00
5TH DISTRICT ROAD MAINTENANCE	DISTRICT 5 ROADS & BRIDGES	269 ANDY'S TIRE SHOP	187.50
5TH DISTRICT ROAD MAINTENANCE	DISTRICT 5 ROADS & BRIDGES	269 ANDY'S TIRE SHOP	52.50
5TH DISTRICT ROAD MAINTENANCE	DISTRICT 5 ROADS & BRIDGES	270 PAYROLL CLEARING FUND	860.00
5TH DISTRICT ROAD MAINTENANCE	DISTRICT 5 ROADS & BRIDGES	270 PAYROLL CLEARING FUND	159.36
5TH DISTRICT ROAD MAINTENANCE	DISTRICT 5 ROADS & BRIDGES	270 PAYROLL CLEARING FUND	50.55
5TH DISTRICT ROAD MAINTENANCE	DISTRICT 5 ROADS & BRIDGES	270 PAYROLL CLEARING FUND	11.82
5TH DISTRICT ROAD MAINTENANCE	DISTRICT 5 ROADS & BRIDGES	270 PAYROLL CLEARING FUND	92.98
5TH DISTRICT ROAD MAINTENANCE	DISTRICT 5 ROADS & BRIDGES	270 PAYROLL CLEARING FUND	3.64
5TH DISTRICT ROAD MAINTENANCE	DISTRICT 5 ROADS & BRIDGES	270 PAYROLL CLEARING FUND	4.88
Department Total	88452.00
Fund Total	88452.00
1ST DISTRICT BRIDGE & CULVERT	DISTRICT 1 ROADS & BRIDGES	20 SOUTHERN PIPE & SUPPLY COMPANY, INC.	177.00
1ST DISTRICT BRIDGE & CULVERT	DISTRICT 1 ROADS & BRIDGES	20 SOUTHERN PIPE & SUPPLY COMPANY, INC.	320.50
1ST DISTRICT BRIDGE & CULVERT	DISTRICT 1 ROADS & BRIDGES	20 SOUTHERN PIPE & SUPPLY COMPANY, INC.	150.00
1ST DISTRICT BRIDGE & CULVERT	DISTRICT 1 ROADS & BRIDGES	20 SOUTHERN PIPE & SUPPLY COMPANY, INC.	626.00
1ST DISTRICT BRIDGE & CULVERT	DISTRICT 1 ROADS & BRIDGES	20 SOUTHERN PIPE & SUPPLY COMPANY, INC.	575.10
1ST DISTRICT BRIDGE & CULVERT	DISTRICT 1 ROADS & BRIDGES	21 MCC RECYCLING	1009.00
1ST DISTRICT BRIDGE & CULVERT	DISTRICT 1 ROADS & BRIDGES	22 PAYROLL CLEARING FUND	7338.00
1ST DISTRICT BRIDGE & CULVERT	DISTRICT 1 ROADS & BRIDGES	22 PAYROLL CLEARING FUND	1580.93
1ST DISTRICT BRIDGE & CULVERT	DISTRICT 1 ROADS & BRIDGES	22 PAYROLL CLEARING FUND	447.18
